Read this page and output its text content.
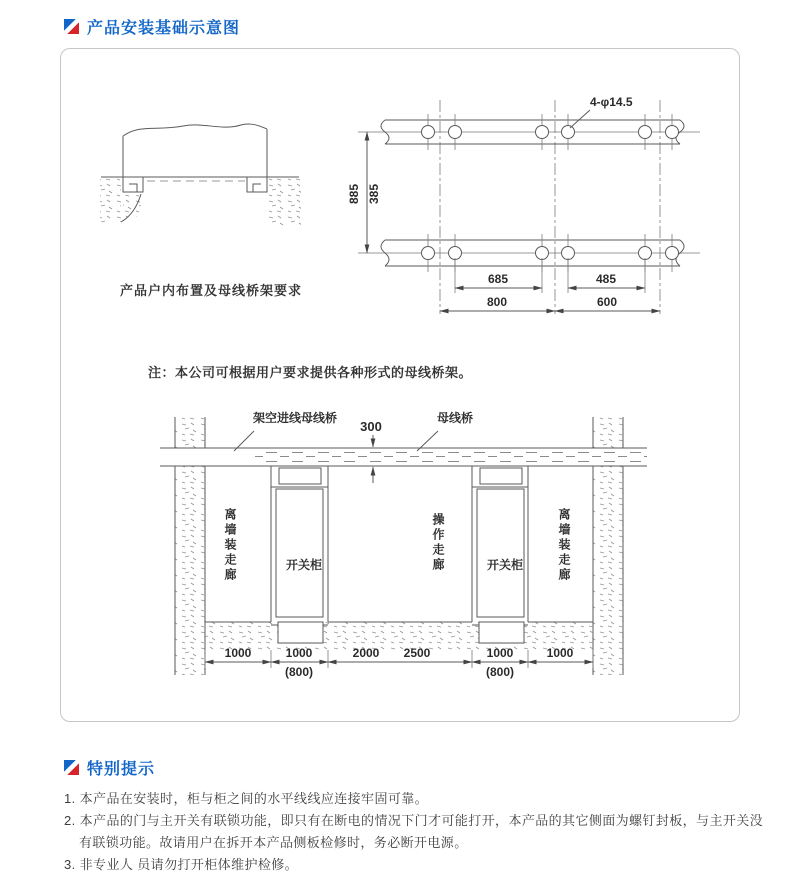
产品安装基础示意图
产品户内布置及母线桥架要求
4-φ14.5
885 385
685	485
800	600
注：本公司可根据用户要求提供各种形式的母线桥架。
300
1000	1000
(800)
2000 2500	1000
(800)
1000
架空进线母线桥	母线桥
离墙装走廊	操作走廊	离墙装走廊
开关柜	开关柜
特别提示
1. 本产品在安装时，柜与柜之间的水平线线应连接牢固可靠。
2. 本产品的门与主开关有联锁功能，即只有在断电的情况下门才可能打开，本产品的其它侧面为螺钉封板，与主开关没有联锁功能。故请用户在拆开本产品侧板检修时，务必断开电源。
3. 非专业人 员请勿打开柜体维护检修。
